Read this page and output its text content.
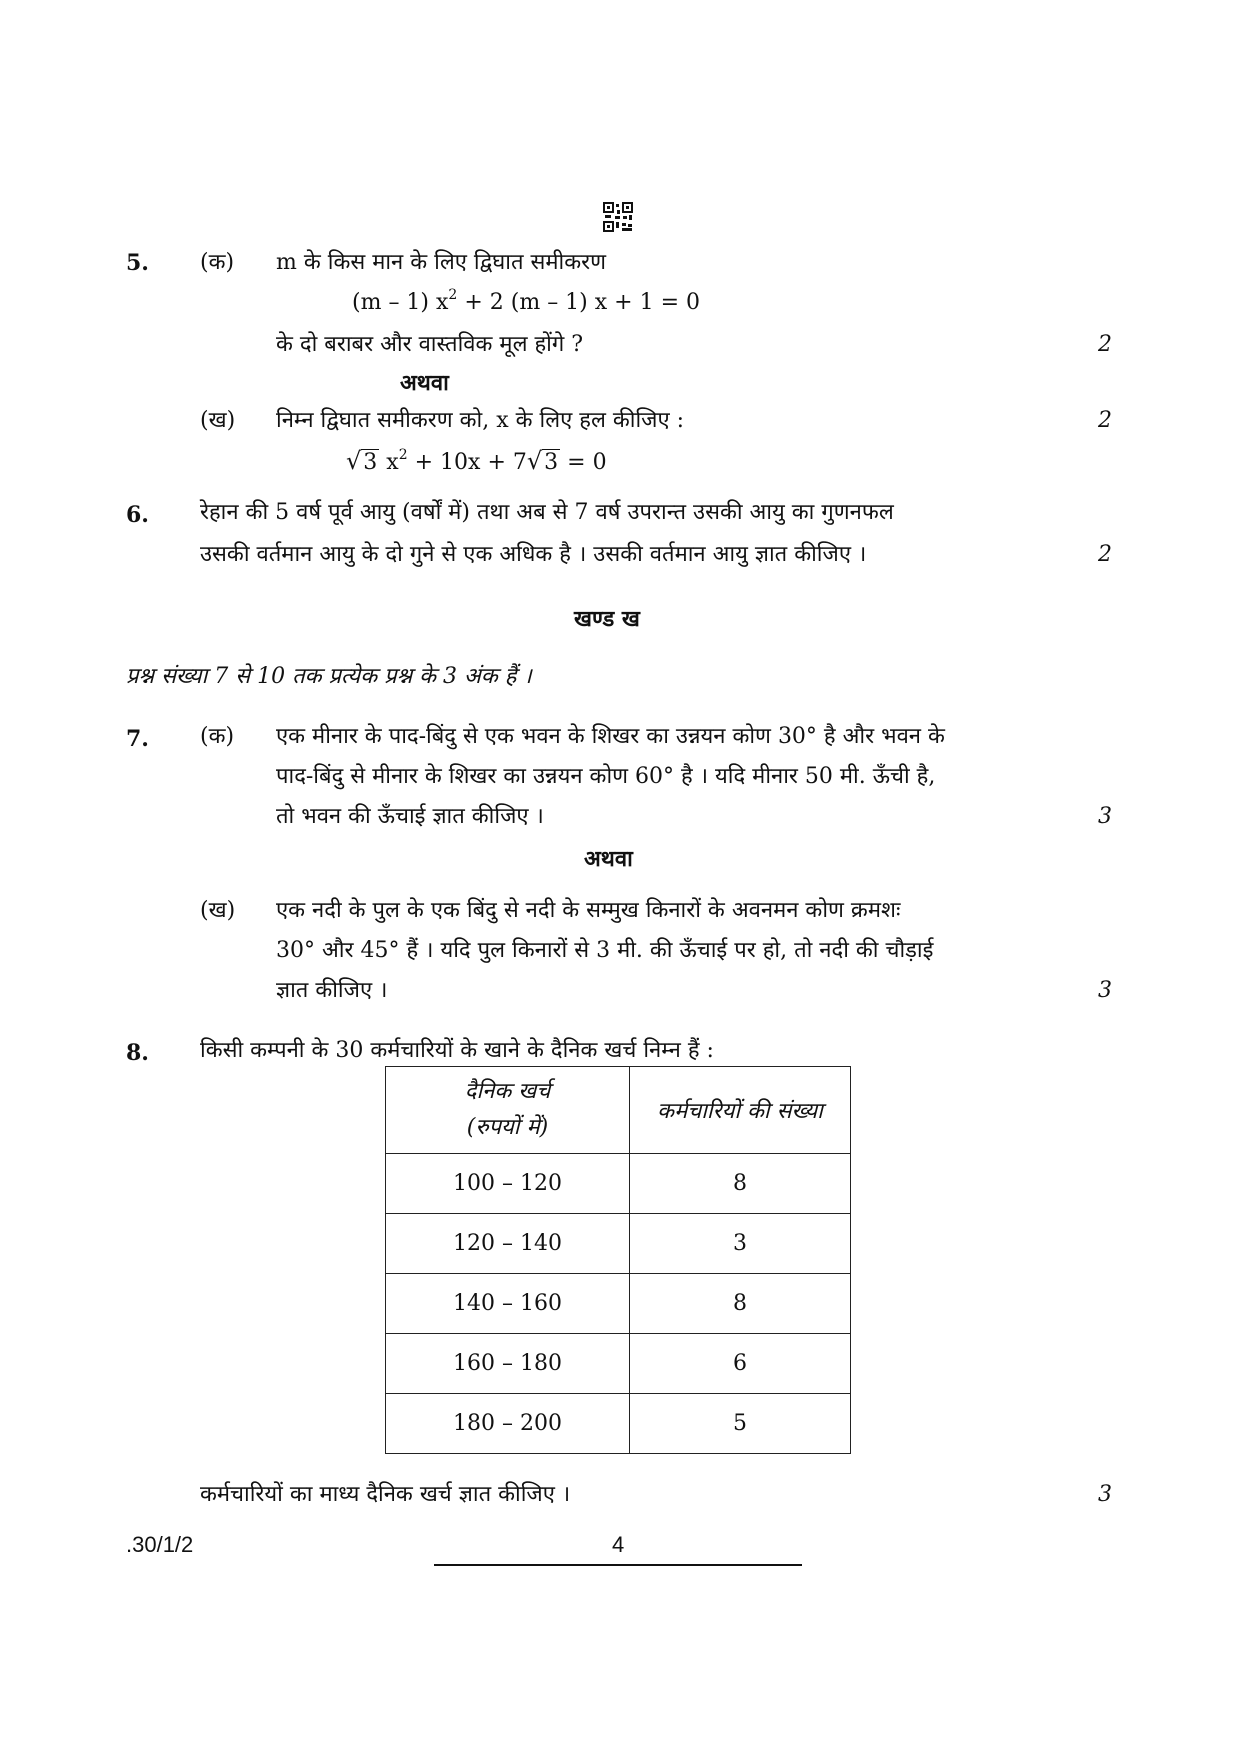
5. (क) m के किस मान के लिए द्विघात समीकरण
(m – 1) $x^2 + 2$ (m – 1) x + 1 = 0
के दो बराबर और वास्तविक मूल होंगे ?	2
अथवा
(ख) निम्न द्विघात समीकरण को, x के लिए हल कीजिए :	2
√3 $x^2 + 10x + 7√3 = 0$
6. रेहान की 5 वर्ष पूर्व आयु (वर्षों में) तथा अब से 7 वर्ष उपरान्त उसकी आयु का गुणनफल
उसकी वर्तमान आयु के दो गुने से एक अधिक है । उसकी वर्तमान आयु ज्ञात कीजिए ।	2
खण्ड ख
प्रश्न संख्या 7 से 10 तक प्रत्येक प्रश्न के 3 अंक हैं ।
7. (क) एक मीनार के पाद-बिंदु से एक भवन के शिखर का उन्नयन कोण 30° है और भवन के
पाद-बिंदु से मीनार के शिखर का उन्नयन कोण 60° है । यदि मीनार 50 मी. ऊँची है,
तो भवन की ऊँचाई ज्ञात कीजिए ।	3
अथवा
(ख) एक नदी के पुल के एक बिंदु से नदी के सम्मुख किनारों के अवनमन कोण क्रमशः
30° और 45° हैं । यदि पुल किनारों से 3 मी. की ऊँचाई पर हो, तो नदी की चौड़ाई
ज्ञात कीजिए ।	3
8. किसी कम्पनी के 30 कर्मचारियों के खाने के दैनिक खर्च निम्न हैं :
दैनिक खर्च
(रुपयों में)	कर्मचारियों की संख्या
100 – 120	8
120 – 140	3
140 – 160	8
160 – 180	6
180 – 200	5
कर्मचारियों का माध्य दैनिक खर्च ज्ञात कीजिए ।	3
.30/1/2	4
